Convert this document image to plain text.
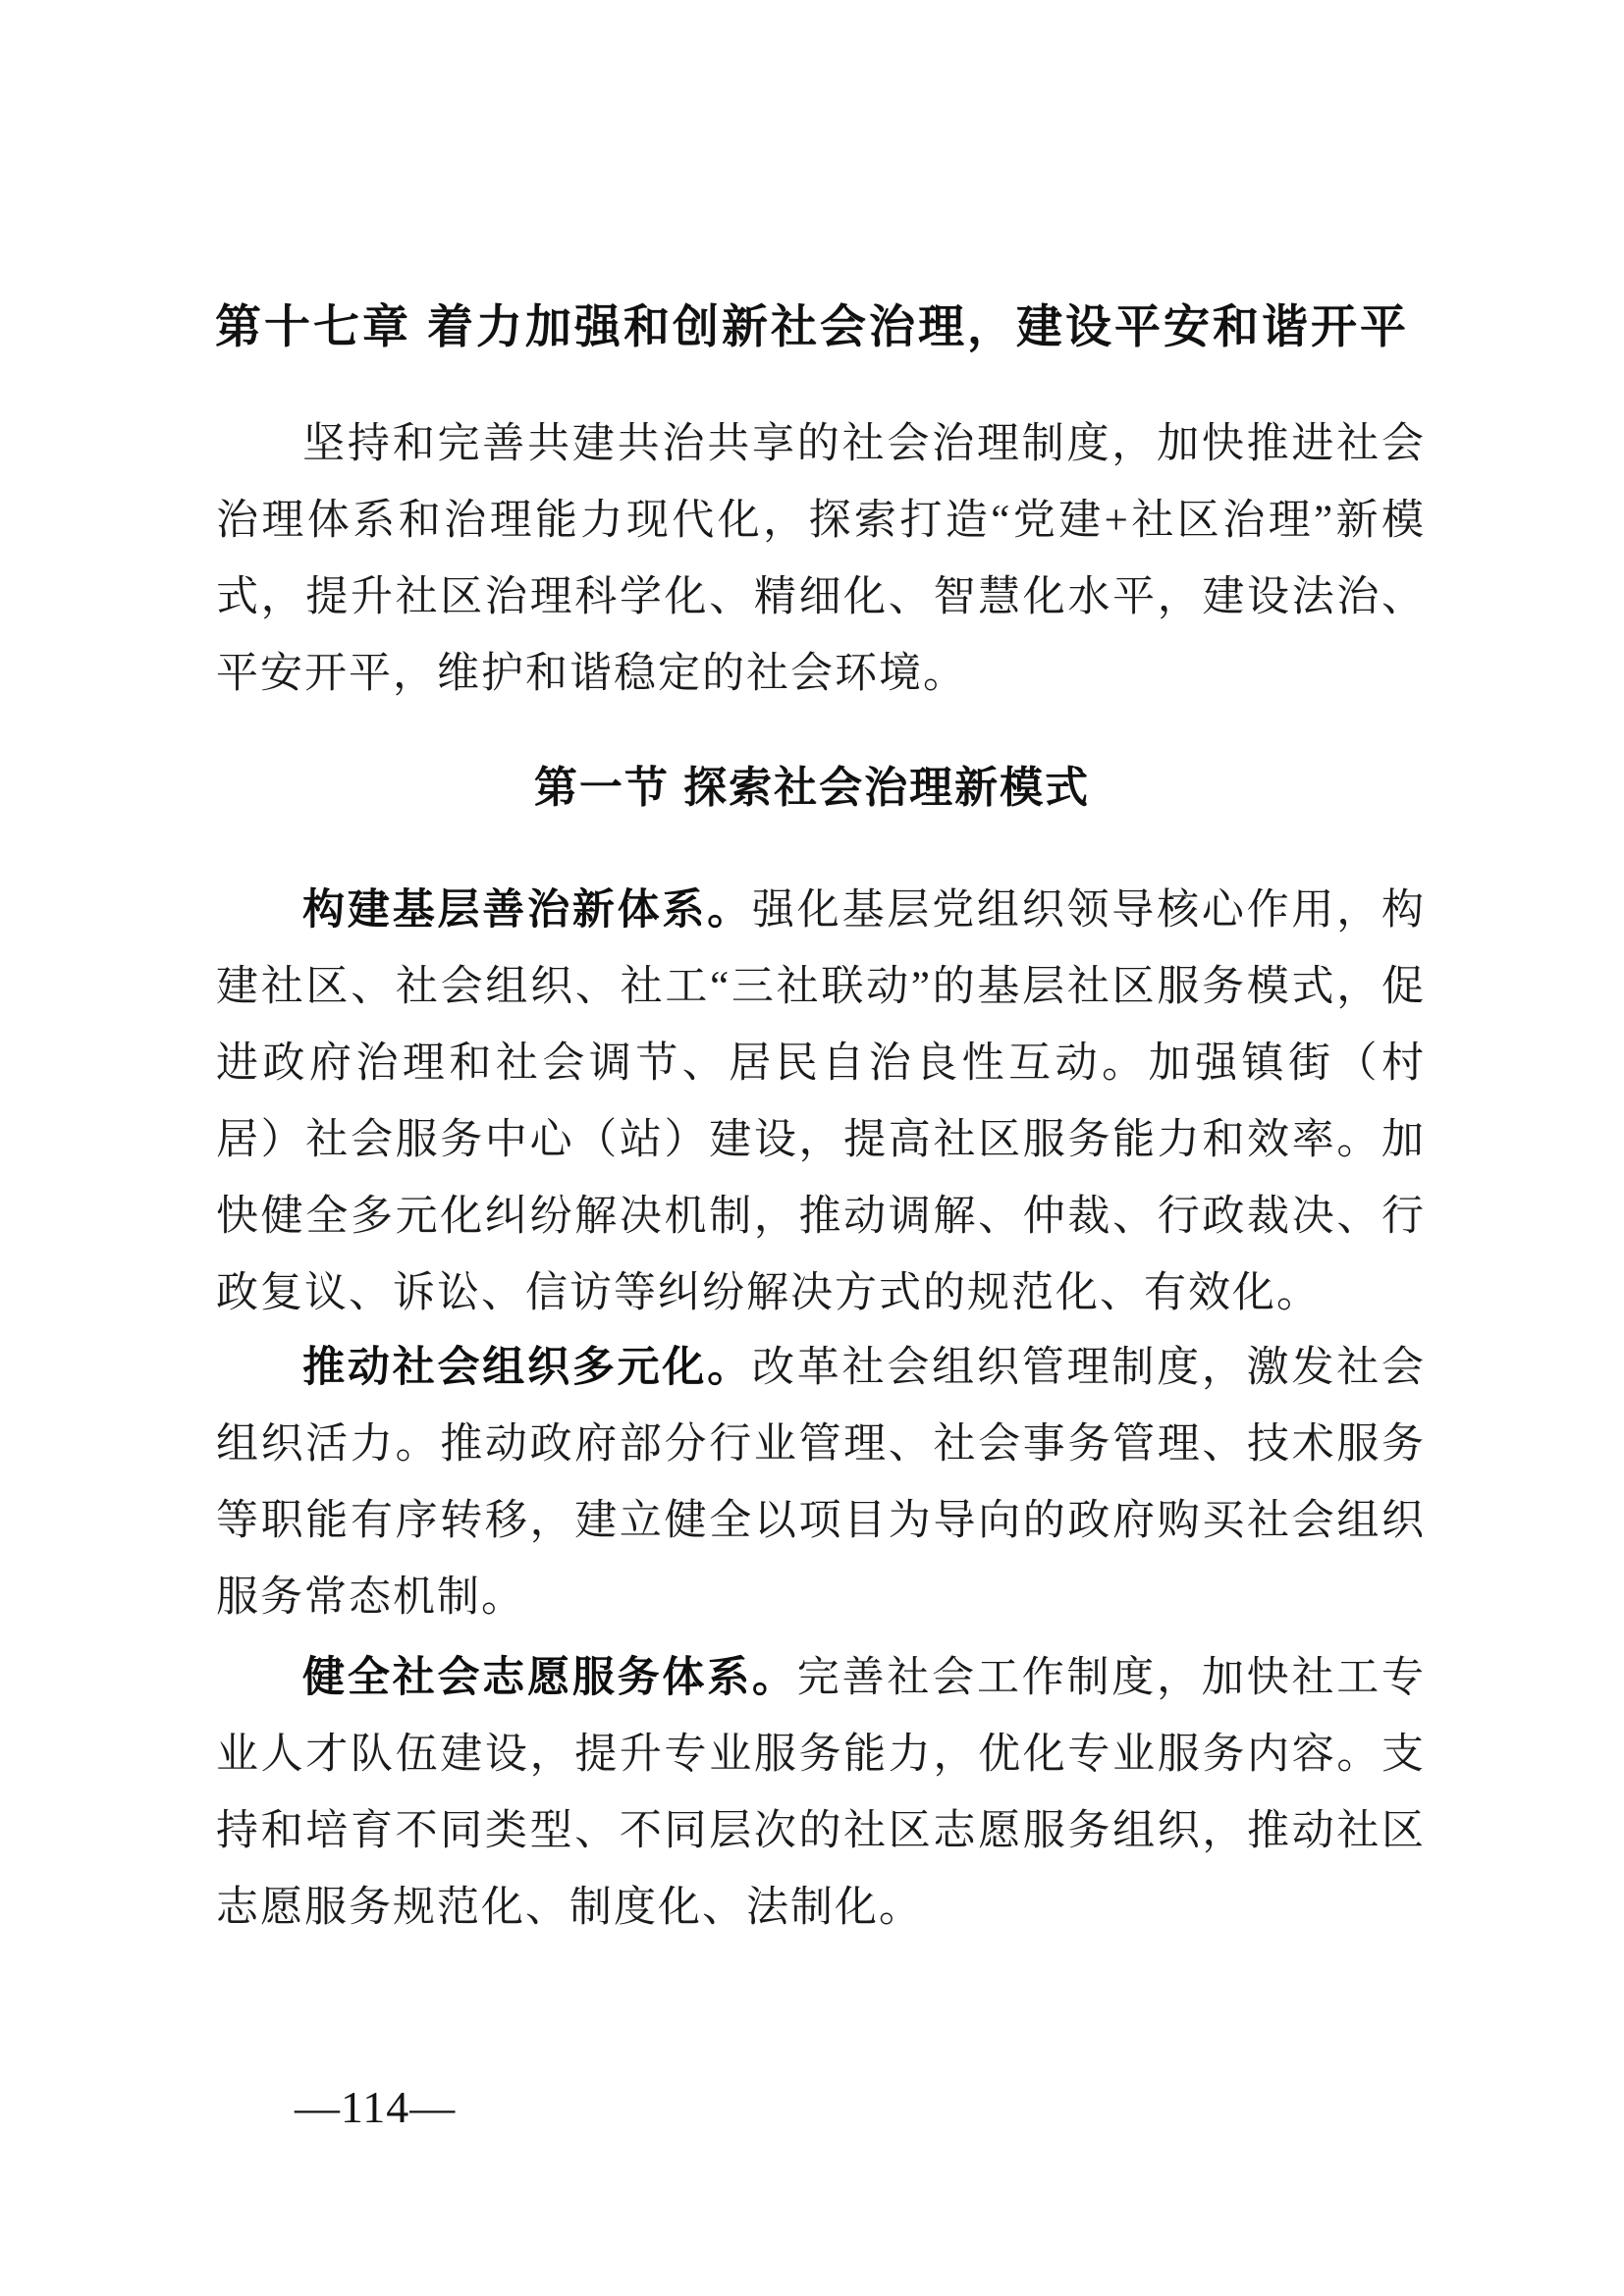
第十七章 着力加强和创新社会治理，建设平安和谐开平

坚持和完善共建共治共享的社会治理制度，加快推进社会治理体系和治理能力现代化，探索打造“党建+社区治理”新模式，提升社区治理科学化、精细化、智慧化水平，建设法治、平安开平，维护和谐稳定的社会环境。

第一节 探索社会治理新模式

构建基层善治新体系。强化基层党组织领导核心作用，构建社区、社会组织、社工“三社联动”的基层社区服务模式，促进政府治理和社会调节、居民自治良性互动。加强镇街（村居）社会服务中心（站）建设，提高社区服务能力和效率。加快健全多元化纠纷解决机制，推动调解、仲裁、行政裁决、行政复议、诉讼、信访等纠纷解决方式的规范化、有效化。

推动社会组织多元化。改革社会组织管理制度，激发社会组织活力。推动政府部分行业管理、社会事务管理、技术服务等职能有序转移，建立健全以项目为导向的政府购买社会组织服务常态机制。

健全社会志愿服务体系。完善社会工作制度，加快社工专业人才队伍建设，提升专业服务能力，优化专业服务内容。支持和培育不同类型、不同层次的社区志愿服务组织，推动社区志愿服务规范化、制度化、法制化。

—114—
